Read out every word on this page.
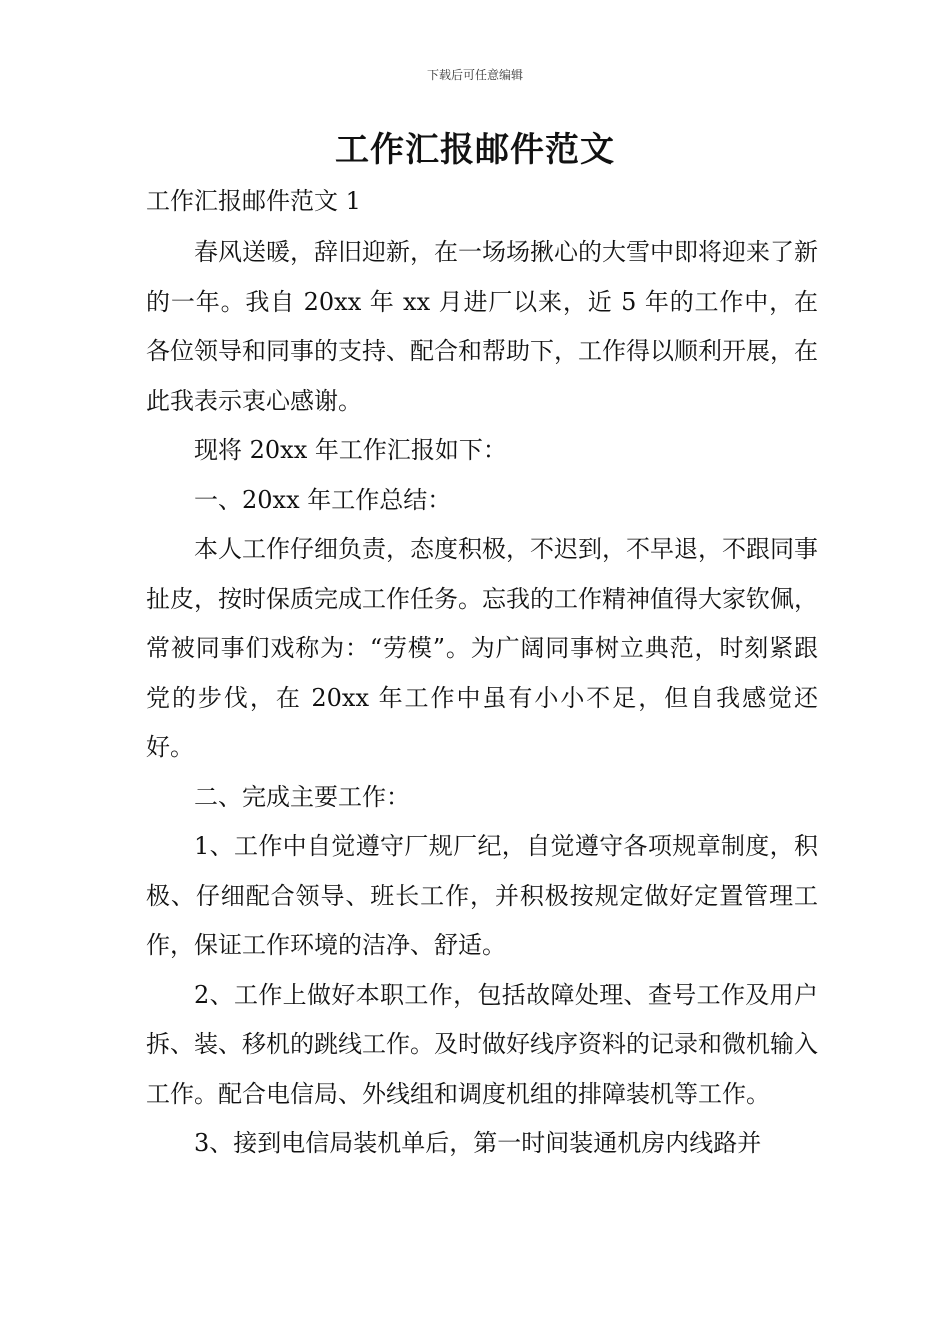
下载后可任意编辑
工作汇报邮件范文

工作汇报邮件范文 1

春风送暖，辞旧迎新，在一场场揪心的大雪中即将迎来了新的一年。我自 20xx 年 xx 月进厂以来，近 5 年的工作中，在各位领导和同事的支持、配合和帮助下，工作得以顺利开展，在此我表示衷心感谢。

现将 20xx 年工作汇报如下：

一、20xx 年工作总结：

本人工作仔细负责，态度积极，不迟到，不早退，不跟同事扯皮，按时保质完成工作任务。忘我的工作精神值得大家钦佩，常被同事们戏称为：“劳模”。为广阔同事树立典范，时刻紧跟党的步伐，在 20xx 年工作中虽有小小不足，但自我感觉还好。

二、完成主要工作：

1、工作中自觉遵守厂规厂纪，自觉遵守各项规章制度，积极、仔细配合领导、班长工作，并积极按规定做好定置管理工作，保证工作环境的洁净、舒适。

2、工作上做好本职工作，包括故障处理、查号工作及用户拆、装、移机的跳线工作。及时做好线序资料的记录和微机输入工作。配合电信局、外线组和调度机组的排障装机等工作。

3、接到电信局装机单后，第一时间装通机房内线路并
